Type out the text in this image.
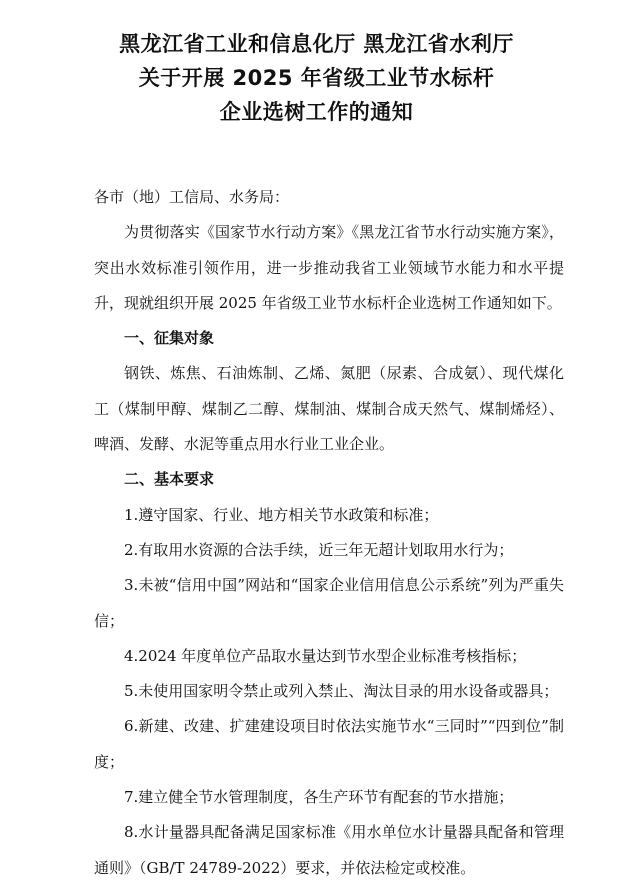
黑龙江省工业和信息化厅 黑龙江省水利厅
关于开展 2025 年省级工业节水标杆
企业选树工作的通知
各市（地）工信局、水务局：

为贯彻落实《国家节水行动方案》《黑龙江省节水行动实施方案》，突出水效标准引领作用，进一步推动我省工业领域节水能力和水平提升，现就组织开展 2025 年省级工业节水标杆企业选树工作通知如下。

一、征集对象

钢铁、炼焦、石油炼制、乙烯、氮肥（尿素、合成氨）、现代煤化工（煤制甲醇、煤制乙二醇、煤制油、煤制合成天然气、煤制烯烃）、啤酒、发酵、水泥等重点用水行业工业企业。

二、基本要求
1.遵守国家、行业、地方相关节水政策和标准；
2.有取用水资源的合法手续，近三年无超计划取用水行为；
3.未被“信用中国”网站和“国家企业信用信息公示系统”列为严重失信；
4.2024 年度单位产品取水量达到节水型企业标准考核指标；
5.未使用国家明令禁止或列入禁止、淘汰目录的用水设备或器具；
6.新建、改建、扩建建设项目时依法实施节水“三同时”“四到位”制度；
7.建立健全节水管理制度，各生产环节有配套的节水措施；
8.水计量器具配备满足国家标准《用水单位水计量器具配备和管理通则》（GB/T 24789-2022）要求，并依法检定或校准。
